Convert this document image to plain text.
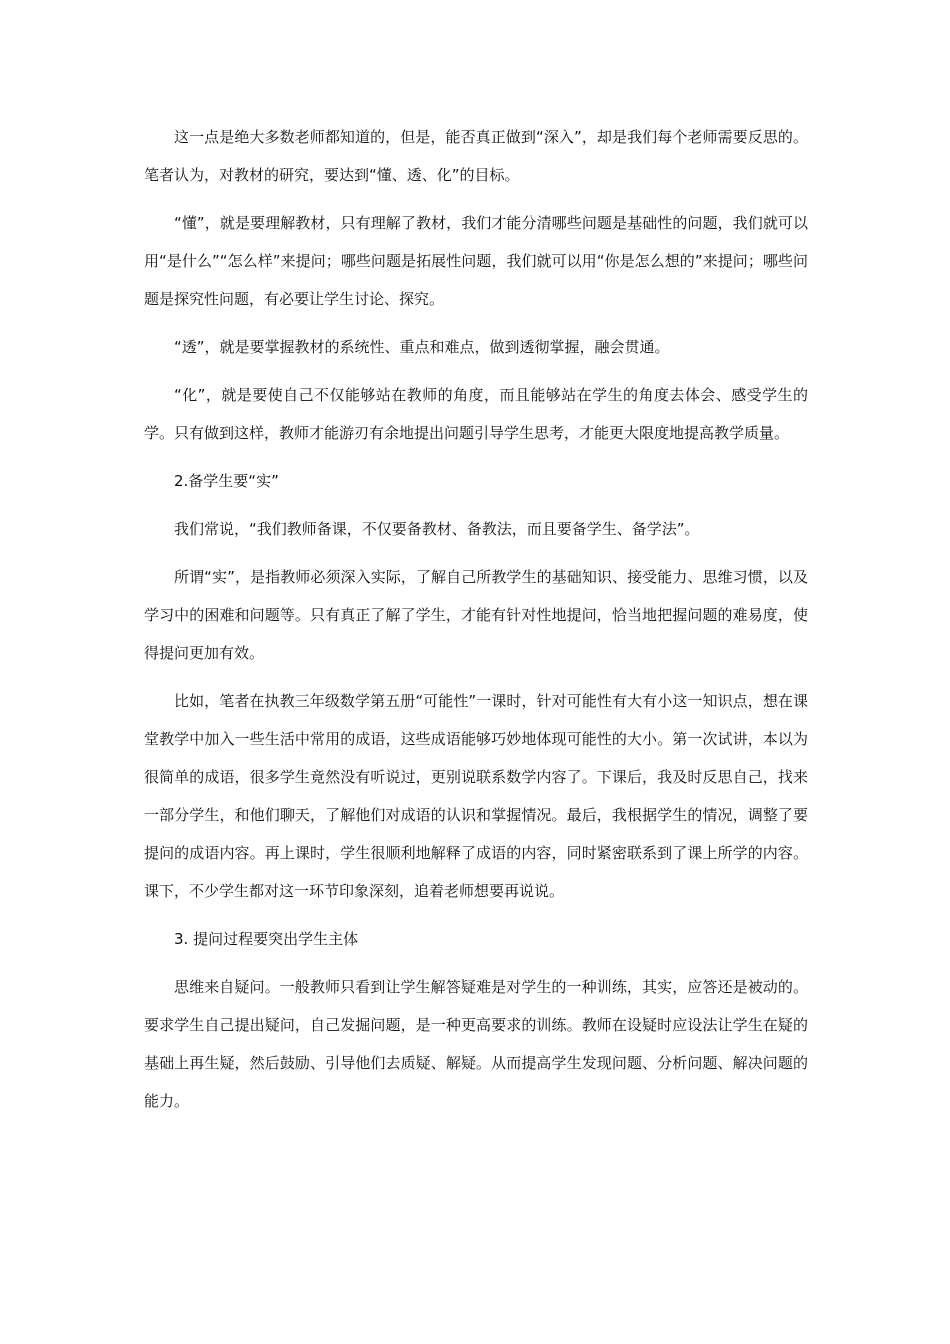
这一点是绝大多数老师都知道的，但是，能否真正做到“深入”，却是我们每个老师需要反思的。笔者认为，对教材的研究，要达到“懂、透、化”的目标。

“懂”，就是要理解教材，只有理解了教材，我们才能分清哪些问题是基础性的问题，我们就可以用“是什么”“怎么样”来提问；哪些问题是拓展性问题，我们就可以用“你是怎么想的”来提问；哪些问题是探究性问题，有必要让学生讨论、探究。

“透”，就是要掌握教材的系统性、重点和难点，做到透彻掌握，融会贯通。

“化”，就是要使自己不仅能够站在教师的角度，而且能够站在学生的角度去体会、感受学生的学。只有做到这样，教师才能游刃有余地提出问题引导学生思考，才能更大限度地提高教学质量。

2.备学生要“实”

我们常说，“我们教师备课，不仅要备教材、备教法，而且要备学生、备学法”。

所谓“实”，是指教师必须深入实际，了解自己所教学生的基础知识、接受能力、思维习惯，以及学习中的困难和问题等。只有真正了解了学生，才能有针对性地提问，恰当地把握问题的难易度，使得提问更加有效。

比如，笔者在执教三年级数学第五册“可能性”一课时，针对可能性有大有小这一知识点，想在课堂教学中加入一些生活中常用的成语，这些成语能够巧妙地体现可能性的大小。第一次试讲，本以为很简单的成语，很多学生竟然没有听说过，更别说联系数学内容了。下课后，我及时反思自己，找来一部分学生，和他们聊天，了解他们对成语的认识和掌握情况。最后，我根据学生的情况，调整了要提问的成语内容。再上课时，学生很顺利地解释了成语的内容，同时紧密联系到了课上所学的内容。课下，不少学生都对这一环节印象深刻，追着老师想要再说说。

3. 提问过程要突出学生主体

思维来自疑问。一般教师只看到让学生解答疑难是对学生的一种训练，其实，应答还是被动的。要求学生自己提出疑问，自己发掘问题，是一种更高要求的训练。教师在设疑时应设法让学生在疑的基础上再生疑，然后鼓励、引导他们去质疑、解疑。从而提高学生发现问题、分析问题、解决问题的能力。
